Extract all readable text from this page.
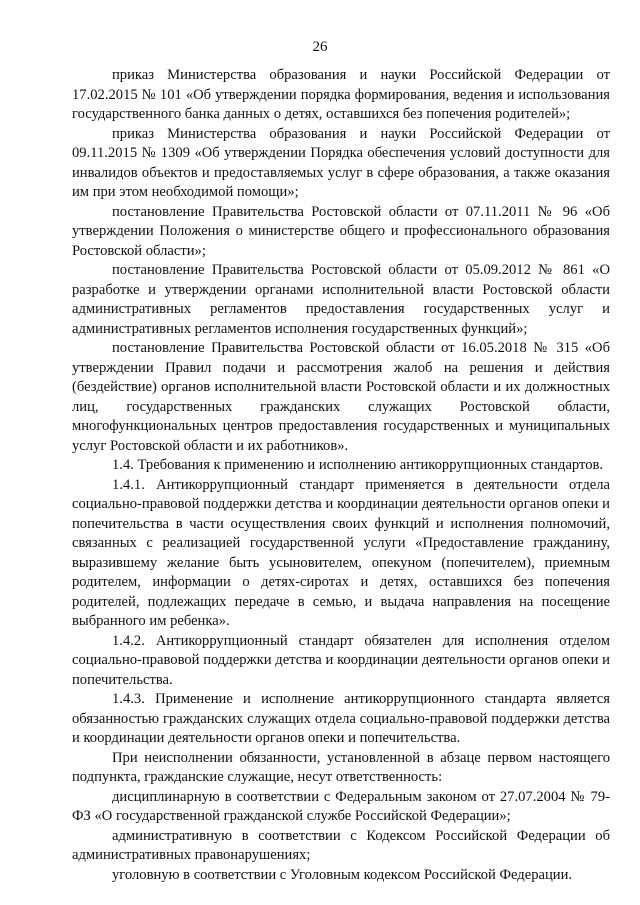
26

приказ Министерства образования и науки Российской Федерации от 17.02.2015 № 101 «Об утверждении порядка формирования, ведения и использования государственного банка данных о детях, оставшихся без попечения родителей»;

приказ Министерства образования и науки Российской Федерации от 09.11.2015 № 1309 «Об утверждении Порядка обеспечения условий доступности для инвалидов объектов и предоставляемых услуг в сфере образования, а также оказания им при этом необходимой помощи»;

постановление Правительства Ростовской области от 07.11.2011 № 96 «Об утверждении Положения о министерстве общего и профессионального образования Ростовской области»;

постановление Правительства Ростовской области от 05.09.2012 № 861 «О разработке и утверждении органами исполнительной власти Ростовской области административных регламентов предоставления государственных услуг и административных регламентов исполнения государственных функций»;

постановление Правительства Ростовской области от 16.05.2018 № 315 «Об утверждении Правил подачи и рассмотрения жалоб на решения и действия (бездействие) органов исполнительной власти Ростовской области и их должностных лиц, государственных гражданских служащих Ростовской области, многофункциональных центров предоставления государственных и муниципальных услуг Ростовской области и их работников».

1.4. Требования к применению и исполнению антикоррупционных стандартов.

1.4.1. Антикоррупционный стандарт применяется в деятельности отдела социально-правовой поддержки детства и координации деятельности органов опеки и попечительства в части осуществления своих функций и исполнения полномочий, связанных с реализацией государственной услуги «Предоставление гражданину, выразившему желание быть усыновителем, опекуном (попечителем), приемным родителем, информации о детях-сиротах и детях, оставшихся без попечения родителей, подлежащих передаче в семью, и выдача направления на посещение выбранного им ребенка».

1.4.2. Антикоррупционный стандарт обязателен для исполнения отделом социально-правовой поддержки детства и координации деятельности органов опеки и попечительства.

1.4.3. Применение и исполнение антикоррупционного стандарта является обязанностью гражданских служащих отдела социально-правовой поддержки детства и координации деятельности органов опеки и попечительства.

При неисполнении обязанности, установленной в абзаце первом настоящего подпункта, гражданские служащие, несут ответственность:

дисциплинарную в соответствии с Федеральным законом от 27.07.2004 № 79-ФЗ «О государственной гражданской службе Российской Федерации»;

административную в соответствии с Кодексом Российской Федерации об административных правонарушениях;

уголовную в соответствии с Уголовным кодексом Российской Федерации.
